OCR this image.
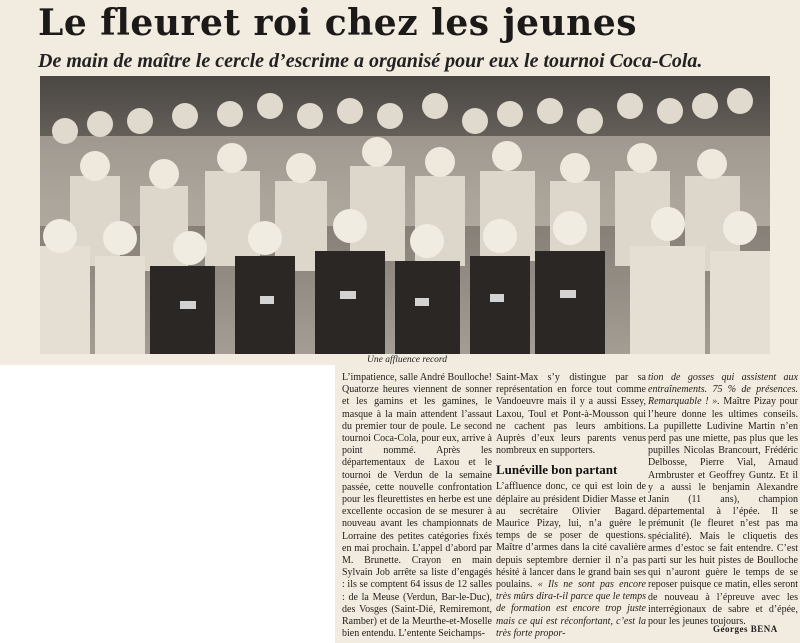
Le fleuret roi chez les jeunes
De main de maître le cercle d’escrime a organisé pour eux le tournoi Coca-Cola.
Une affluence record

L’impatience, salle André Boulloche! Quatorze heures viennent de sonner et les gamins et les gamines, le masque à la main attendent l’assaut du premier tour de poule. Le second tournoi Coca-Cola, pour eux, arrive à point nommé. Après les départementaux de Laxou et le tournoi de Verdun de la semaine passée, cette nouvelle confrontation pour les fleurettistes en herbe est une excellente occasion de se mesurer à nouveau avant les championnats de Lorraine des petites catégories fixés en mai prochain. L’appel d’abord par M. Brunette. Crayon en main Sylvain Job arrête sa liste d’engagés : ils se comptent 64 issus de 12 salles : de la Meuse (Verdun, Bar-le-Duc), des Vosges (Saint-Dié, Remiremont, Ramber) et de la Meurthe-et-Moselle bien entendu. L’entente Seichamps-

Saint-Max s’y distingue par sa représentation en force tout comme Vandoeuvre mais il y a aussi Essey, Laxou, Toul et Pont-à-Mousson qui ne cachent pas leurs ambitions. Auprès d’eux leurs parents venus nombreux en supporters.

Lunéville bon partant

L’affluence donc, ce qui est loin de déplaire au président Didier Masse et au secrétaire Olivier Bagard. Maurice Pizay, lui, n’a guère le temps de se poser de questions. Maître d’armes dans la cité cavalière depuis septembre dernier il n’a pas hésité à lancer dans le grand bain ses poulains. « Ils ne sont pas encore très mûrs dira-t-il parce que le temps de formation est encore trop juste mais ce qui est réconfortant, c’est la très forte propor-

tion de gosses qui assistent aux entraînements. 75 % de présences. Remarquable ! ». Maître Pizay pour l’heure donne les ultimes conseils. La pupillette Ludivine Martin n’en perd pas une miette, pas plus que les pupilles Nicolas Brancourt, Frédéric Delbosse, Pierre Vial, Arnaud Armbruster et Geoffrey Guntz. Et il y a aussi le benjamin Alexandre Janin (11 ans), champion départemental à l’épée. Il se prémunit (le fleuret n’est pas ma spécialité). Mais le cliquetis des armes d’estoc se fait entendre. C’est parti sur les huit pistes de Boulloche qui n’auront guère le temps de se reposer puisque ce matin, elles seront de nouveau à l’épreuve avec les interrégionaux de sabre et d’épée, pour les jeunes toujours.

Georges BENA
